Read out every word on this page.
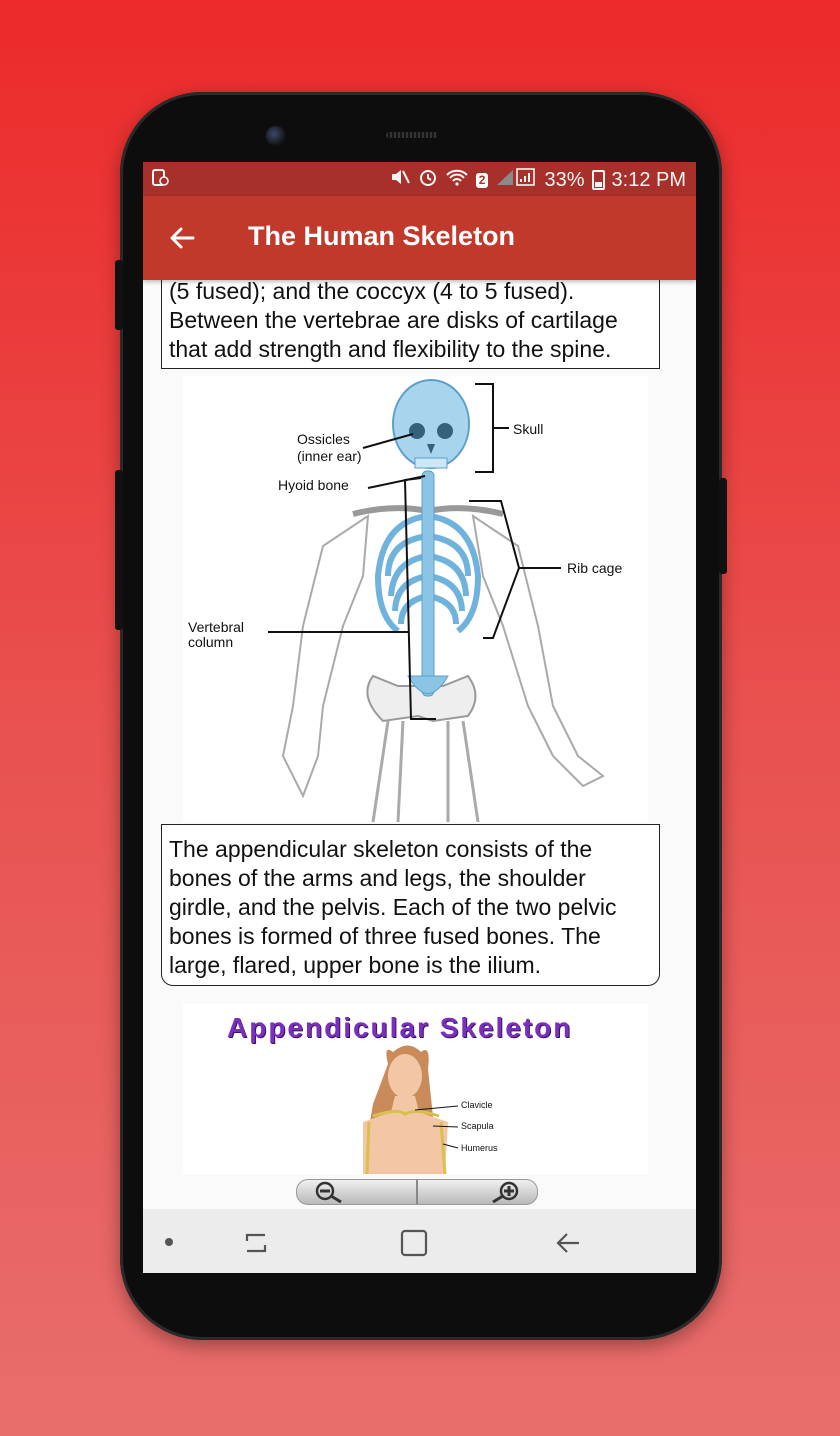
2	33% 3:12 PM
The Human Skeleton
(5 fused); and the coccyx (4 to 5 fused). Between the vertebrae are disks of cartilage that add strength and flexibility to the spine.
Skull
Ossicles
(inner ear)
Hyoid bone
Rib cage
Vertebral
column
The appendicular skeleton consists of the bones of the arms and legs, the shoulder girdle, and the pelvis. Each of the two pelvic bones is formed of three fused bones. The large, flared, upper bone is the ilium.
Appendicular Skeleton
Clavicle
Scapula
Humerus
